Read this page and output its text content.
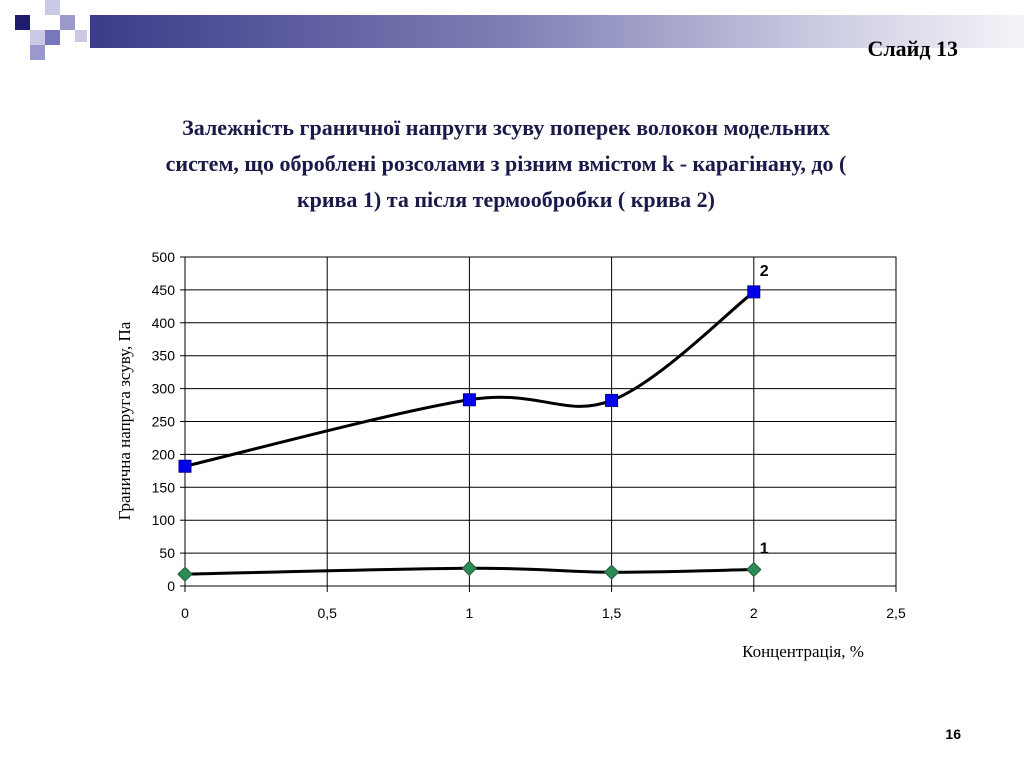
Слайд 13

Залежність граничної напруги зсуву поперек волокон модельних систем, що оброблені розсолами з різним вмістом k - карагінану, до ( крива 1) та після термообробки ( крива 2)

0
50
100
150
200
250
300
350
400
450
500
0	0,5	1	1,5	2	2,5
1
2
Гранична напруга зсуву, Па
Концентрація, %
16
